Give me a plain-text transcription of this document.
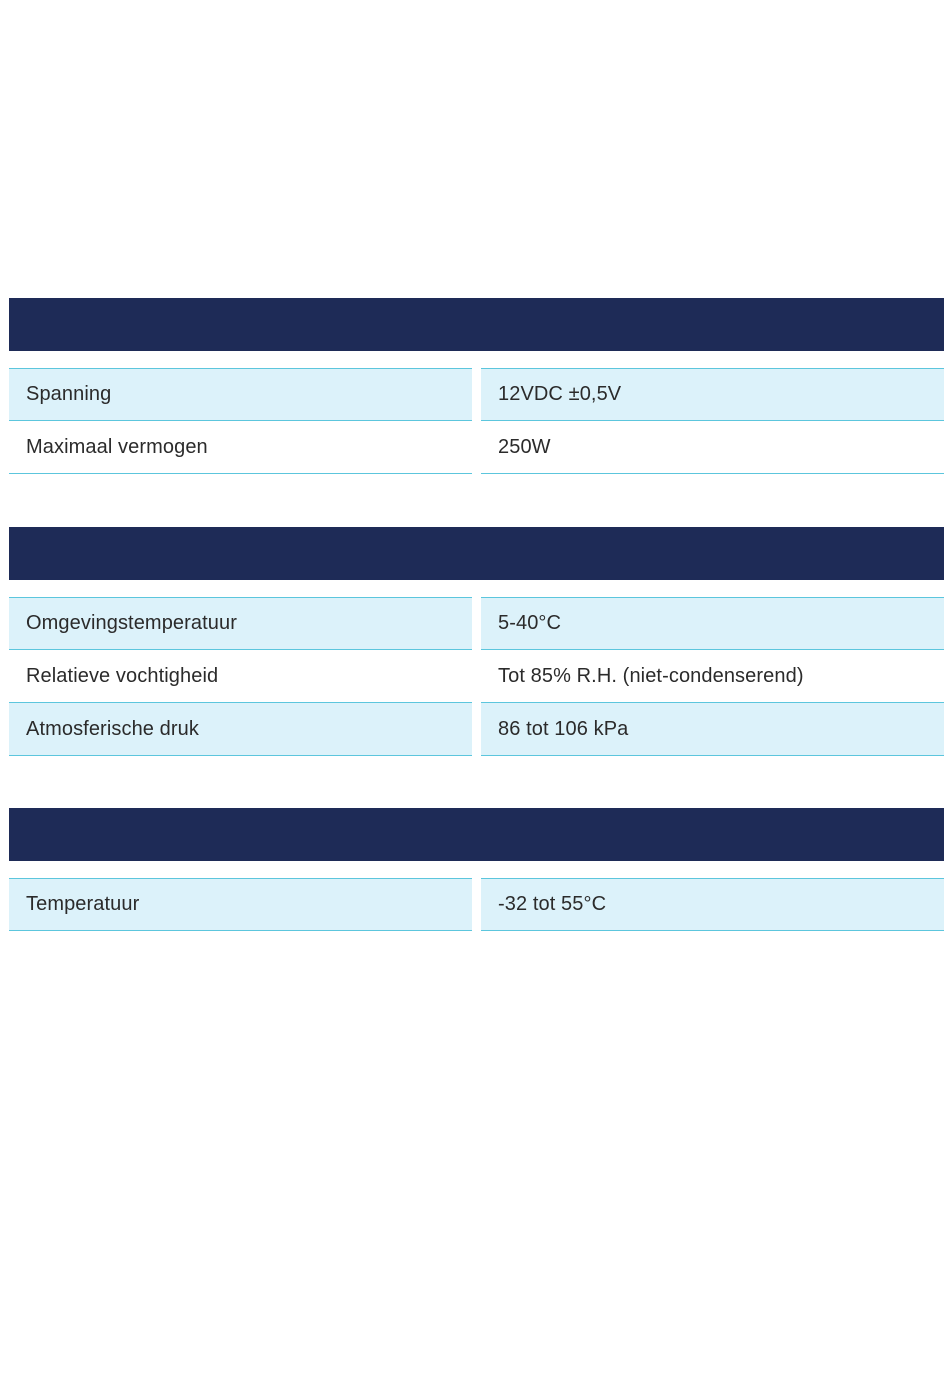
Spanning	12VDC ±0,5V
Maximaal vermogen	250W
Omgevingstemperatuur	5-40°C
Relatieve vochtigheid	Tot 85% R.H. (niet-condenserend)
Atmosferische druk	86 tot 106 kPa
Temperatuur	-32 tot 55°C
